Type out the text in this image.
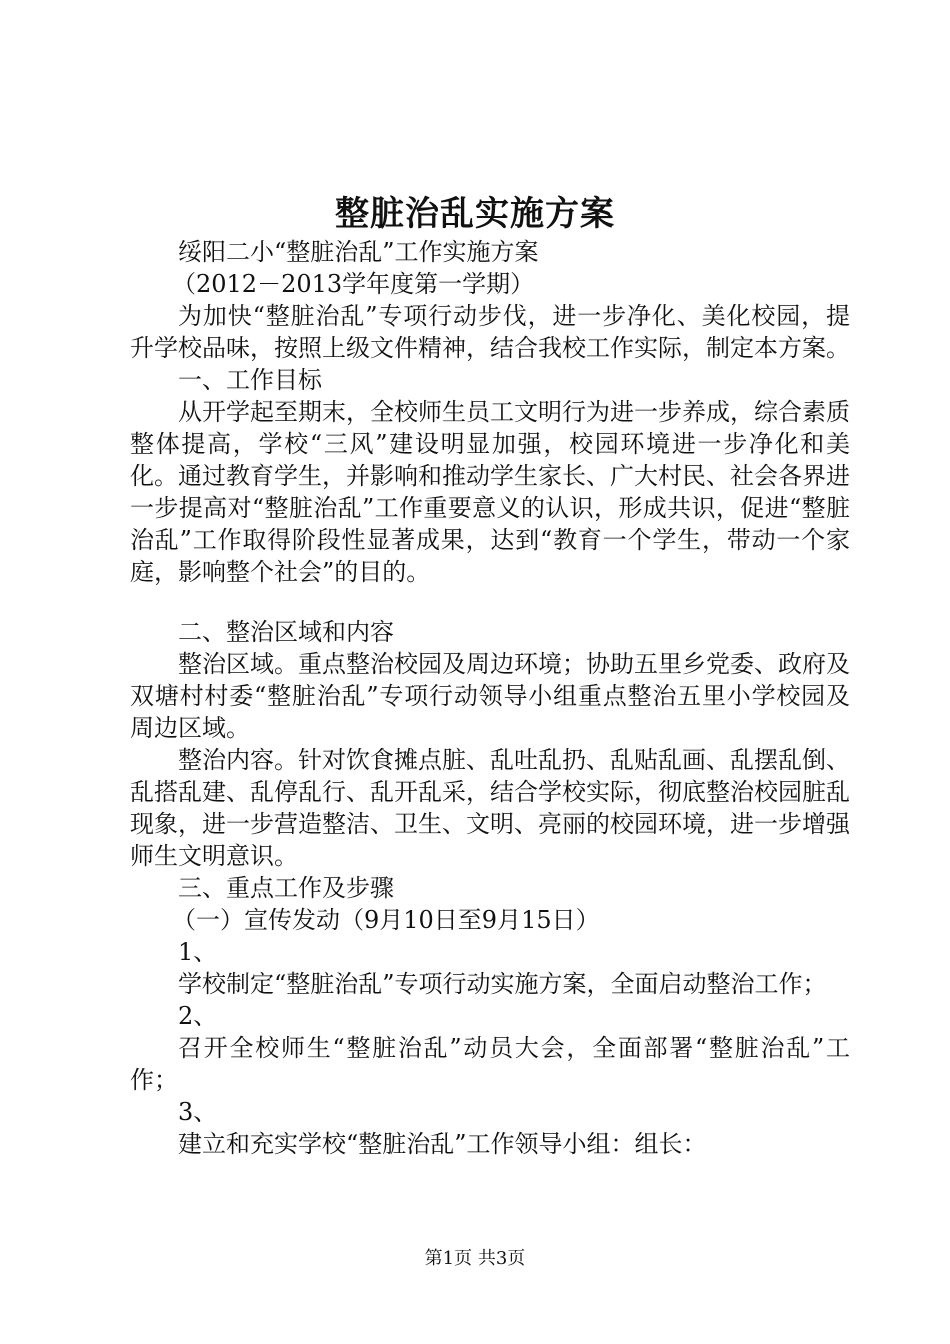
整脏治乱实施方案

绥阳二小“整脏治乱”工作实施方案

（2012－2013学年度第一学期）

为加快“整脏治乱”专项行动步伐，进一步净化、美化校园，提升学校品味，按照上级文件精神，结合我校工作实际，制定本方案。

一、工作目标

从开学起至期末，全校师生员工文明行为进一步养成，综合素质整体提高，学校“三风”建设明显加强，校园环境进一步净化和美化。通过教育学生，并影响和推动学生家长、广大村民、社会各界进一步提高对“整脏治乱”工作重要意义的认识，形成共识，促进“整脏治乱”工作取得阶段性显著成果，达到“教育一个学生，带动一个家庭，影响整个社会”的目的。

二、整治区域和内容

整治区域。重点整治校园及周边环境；协助五里乡党委、政府及双塘村村委“整脏治乱”专项行动领导小组重点整治五里小学校园及周边区域。

整治内容。针对饮食摊点脏、乱吐乱扔、乱贴乱画、乱摆乱倒、乱搭乱建、乱停乱行、乱开乱采，结合学校实际，彻底整治校园脏乱现象，进一步营造整洁、卫生、文明、亮丽的校园环境，进一步增强师生文明意识。

三、重点工作及步骤

（一）宣传发动（9月10日至9月15日）

1、

学校制定“整脏治乱”专项行动实施方案，全面启动整治工作；

2、

召开全校师生“整脏治乱”动员大会，全面部署“整脏治乱”工作；

3、

建立和充实学校“整脏治乱”工作领导小组：组长：

第1页 共3页
